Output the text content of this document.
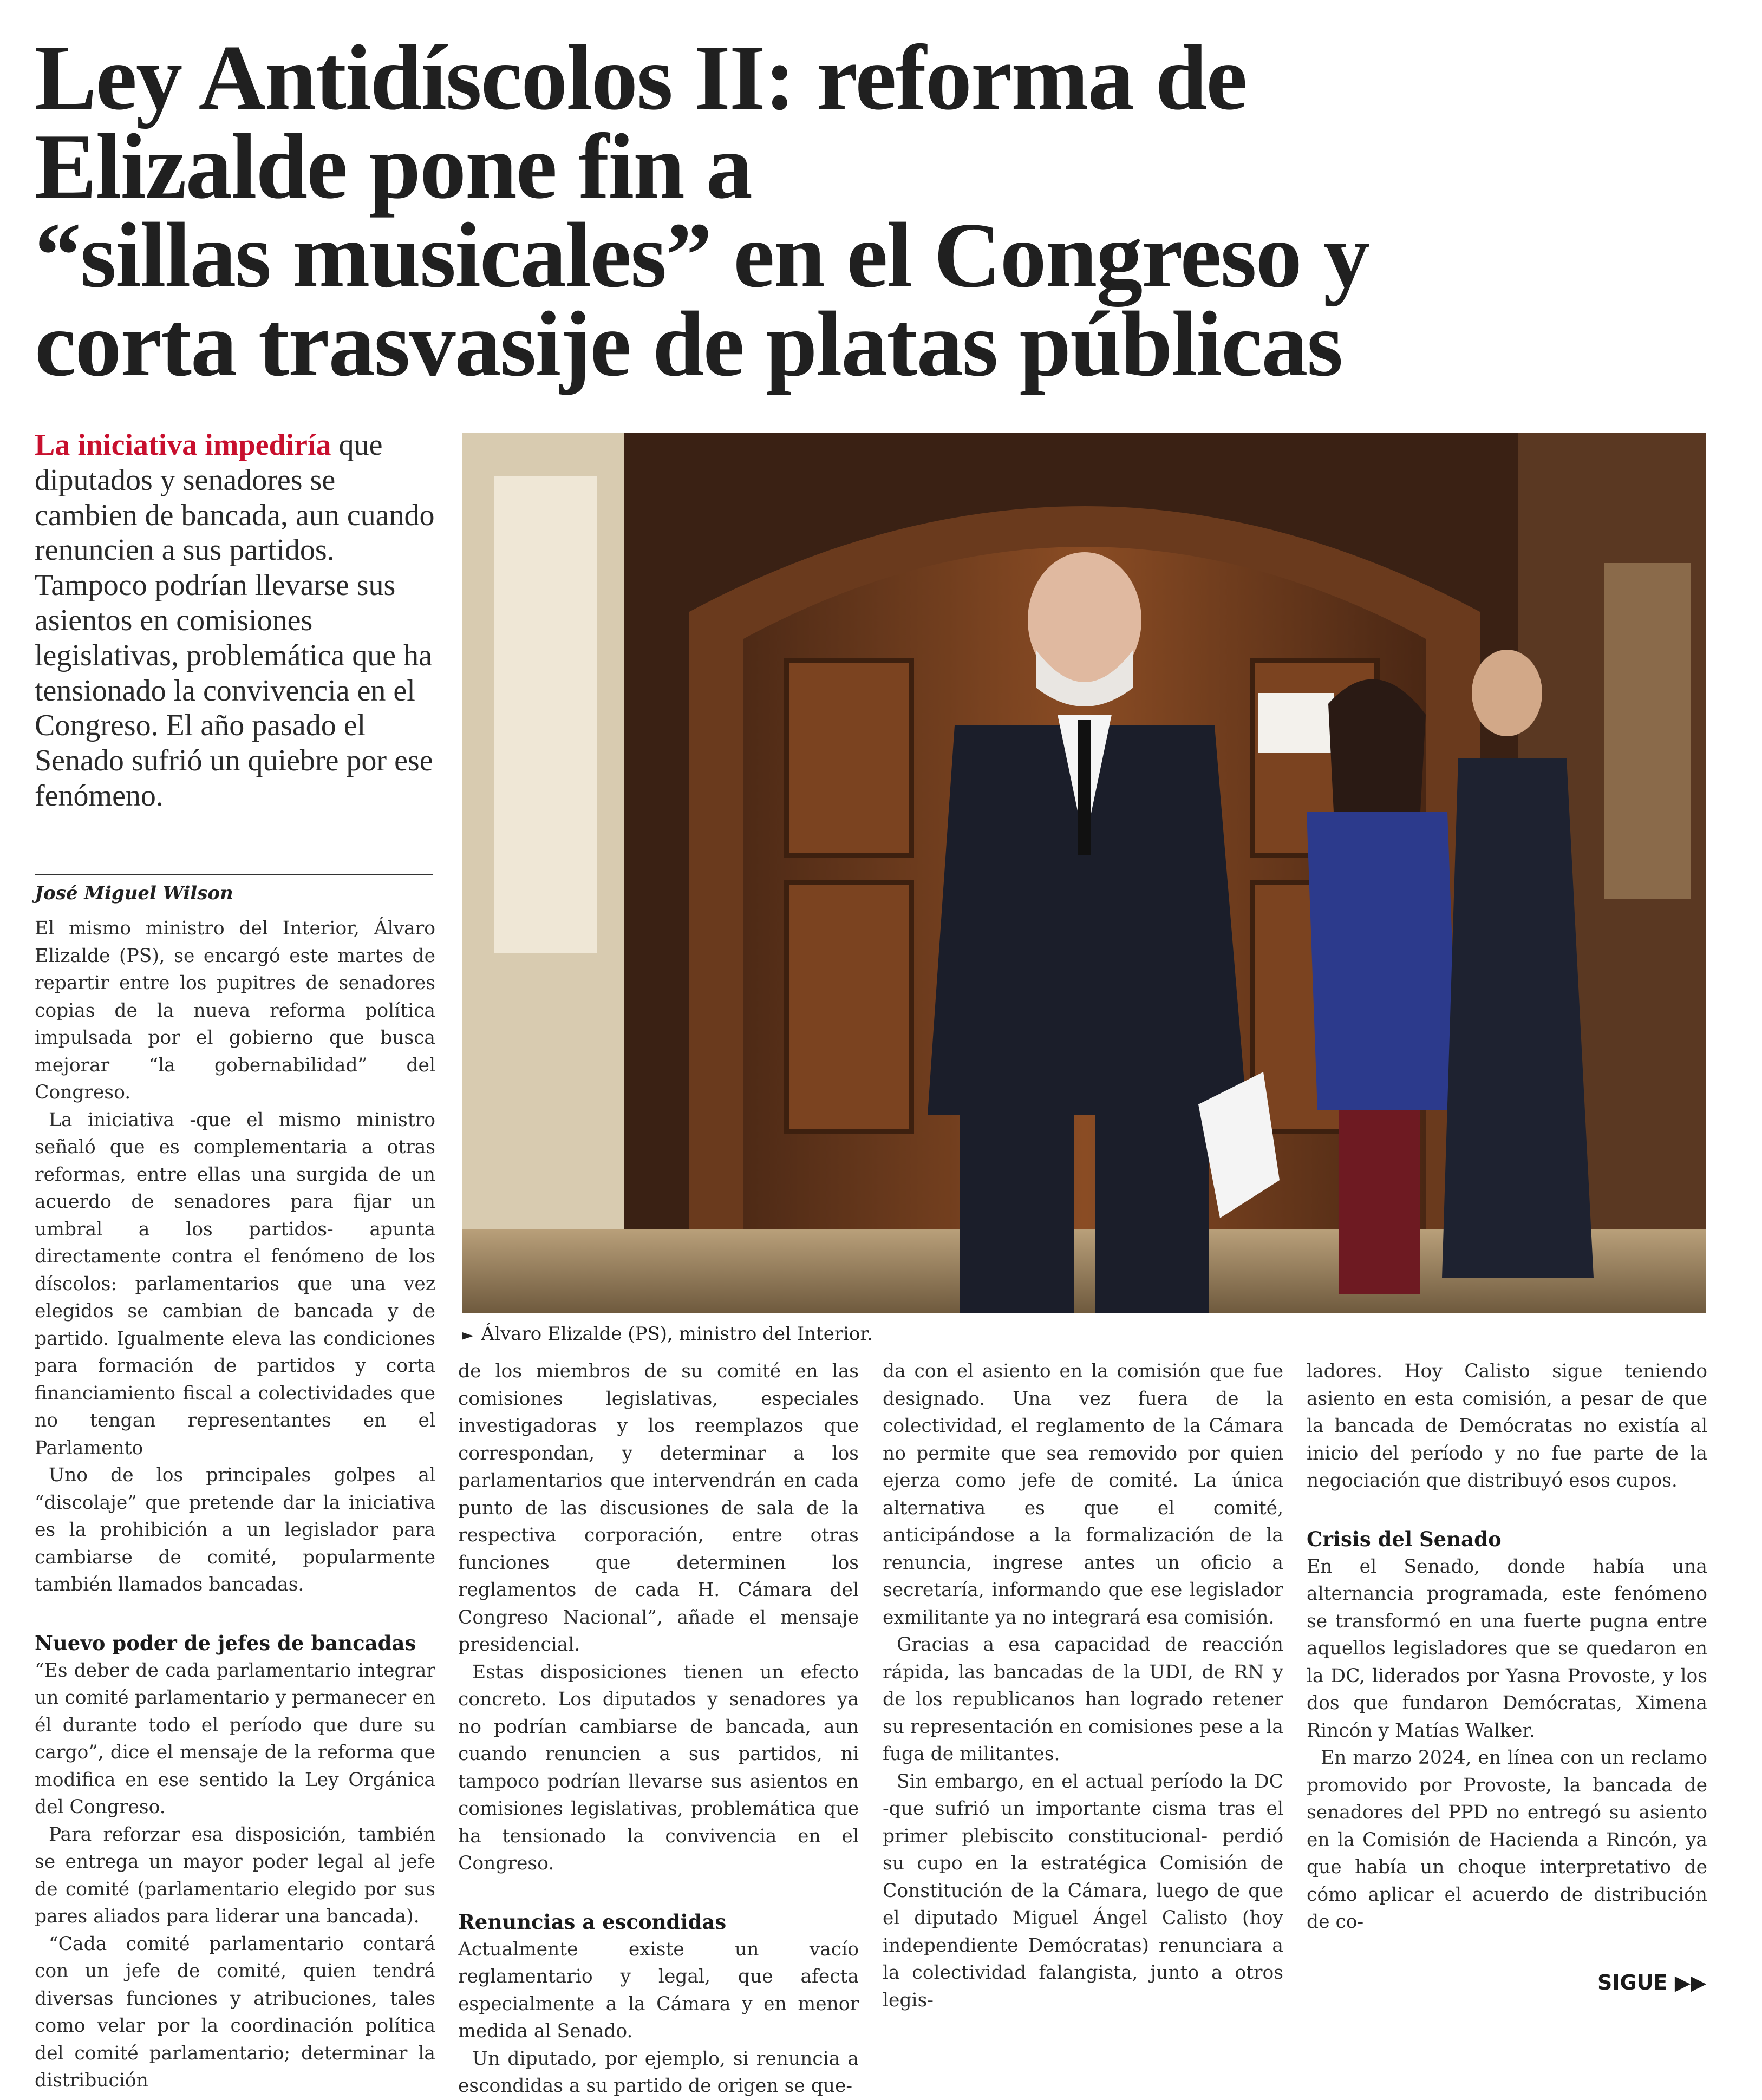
Ley Antidíscolos II: reforma de
Elizalde pone fin a
“sillas musicales” en el Congreso y
corta trasvasije de platas públicas

La iniciativa impediría que diputados y senadores se cambien de bancada, aun cuando renuncien a sus partidos. Tampoco podrían llevarse sus asientos en comisiones legislativas, problemática que ha tensionado la convivencia en el Congreso. El año pasado el Senado sufrió un quiebre por ese fenómeno.

José Miguel Wilson
► Álvaro Elizalde (PS), ministro del Interior.

El mismo ministro del Interior, Álvaro Elizalde (PS), se encargó este martes de repartir entre los pupitres de senadores copias de la nueva reforma política impulsada por el gobierno que busca mejorar “la gobernabilidad” del Congreso.

La iniciativa -que el mismo ministro señaló que es complementaria a otras reformas, entre ellas una surgida de un acuerdo de senadores para fijar un umbral a los partidos- apunta directamente contra el fenómeno de los díscolos: parlamentarios que una vez elegidos se cambian de bancada y de partido. Igualmente eleva las condiciones para formación de partidos y corta financiamiento fiscal a colectividades que no tengan representantes en el Parlamento

Uno de los principales golpes al “discolaje” que pretende dar la iniciativa es la prohibición a un legislador para cambiarse de comité, popularmente también llamados bancadas.

Nuevo poder de jefes de bancadas

“Es deber de cada parlamentario integrar un comité parlamentario y permanecer en él durante todo el período que dure su cargo”, dice el mensaje de la reforma que modifica en ese sentido la Ley Orgánica del Congreso.

Para reforzar esa disposición, también se entrega un mayor poder legal al jefe de comité (parlamentario elegido por sus pares aliados para liderar una bancada).

“Cada comité parlamentario contará con un jefe de comité, quien tendrá diversas funciones y atribuciones, tales como velar por la coordinación política del comité parlamentario; determinar la distribución

de los miembros de su comité en las comisiones legislativas, especiales investigadoras y los reemplazos que correspondan, y determinar a los parlamentarios que intervendrán en cada punto de las discusiones de sala de la respectiva corporación, entre otras funciones que determinen los reglamentos de cada H. Cámara del Congreso Nacional”, añade el mensaje presidencial.

Estas disposiciones tienen un efecto concreto. Los diputados y senadores ya no podrían cambiarse de bancada, aun cuando renuncien a sus partidos, ni tampoco podrían llevarse sus asientos en comisiones legislativas, problemática que ha tensionado la convivencia en el Congreso.

Renuncias a escondidas

Actualmente existe un vacío reglamentario y legal, que afecta especialmente a la Cámara y en menor medida al Senado.

Un diputado, por ejemplo, si renuncia a escondidas a su partido de origen se que-

da con el asiento en la comisión que fue designado. Una vez fuera de la colectividad, el reglamento de la Cámara no permite que sea removido por quien ejerza como jefe de comité. La única alternativa es que el comité, anticipándose a la formalización de la renuncia, ingrese antes un oficio a secretaría, informando que ese legislador exmilitante ya no integrará esa comisión.

Gracias a esa capacidad de reacción rápida, las bancadas de la UDI, de RN y de los republicanos han logrado retener su representación en comisiones pese a la fuga de militantes.

Sin embargo, en el actual período la DC -que sufrió un importante cisma tras el primer plebiscito constitucional- perdió su cupo en la estratégica Comisión de Constitución de la Cámara, luego de que el diputado Miguel Ángel Calisto (hoy independiente Demócratas) renunciara a la colectividad falangista, junto a otros legis-

ladores. Hoy Calisto sigue teniendo asiento en esta comisión, a pesar de que la bancada de Demócratas no existía al inicio del período y no fue parte de la negociación que distribuyó esos cupos.

Crisis del Senado

En el Senado, donde había una alternancia programada, este fenómeno se transformó en una fuerte pugna entre aquellos legisladores que se quedaron en la DC, liderados por Yasna Provoste, y los dos que fundaron Demócratas, Ximena Rincón y Matías Walker.

En marzo 2024, en línea con un reclamo promovido por Provoste, la bancada de senadores del PPD no entregó su asiento en la Comisión de Hacienda a Rincón, ya que había un choque interpretativo de cómo aplicar el acuerdo de distribución de co-

SIGUE ▶▶
